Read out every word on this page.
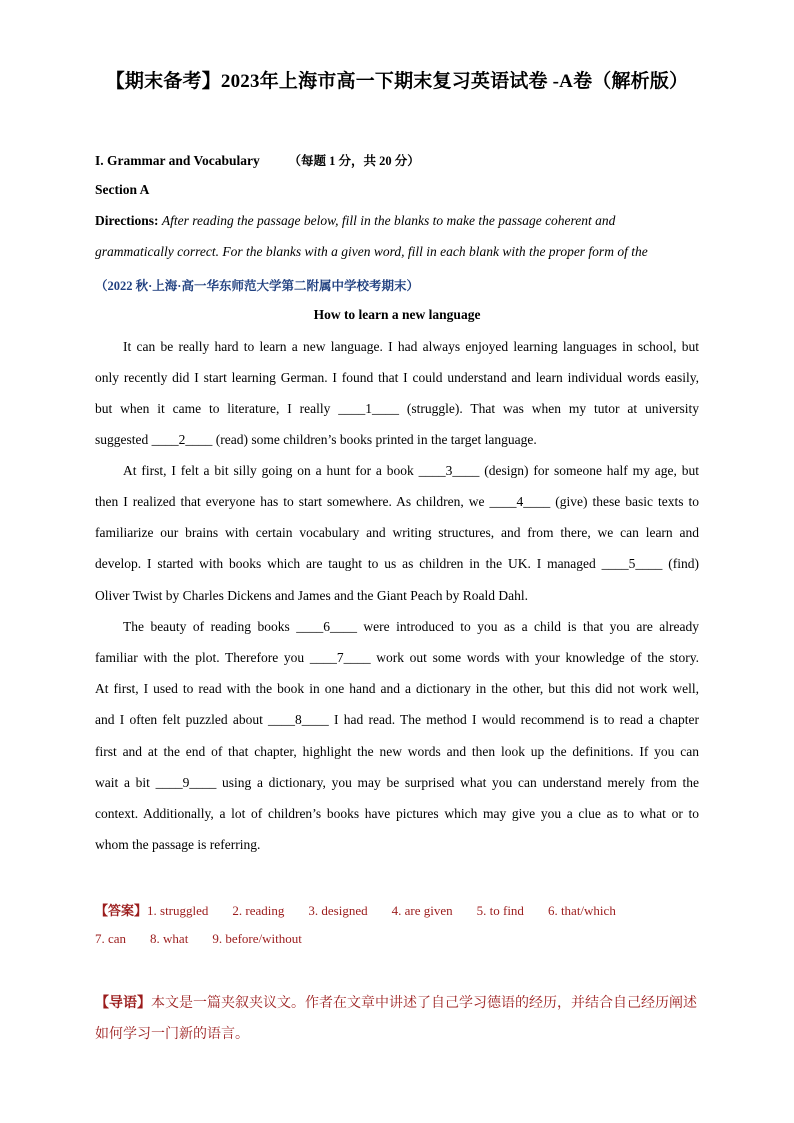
【期末备考】2023年上海市高一下期末复习英语试卷 -A卷（解析版）
I. Grammar and Vocabulary （每题 1 分，共 20 分）
Section A
Directions: After reading the passage below, fill in the blanks to make the passage coherent and
grammatically correct. For the blanks with a given word, fill in each blank with the proper form of the
（2022 秋·上海·高一华东师范大学第二附属中学校考期末）
How to learn a new language
It can be really hard to learn a new language. I had always enjoyed learning languages in school, but
only recently did I start learning German. I found that I could understand and learn individual words easily,
but when it came to literature, I really ____1____ (struggle). That was when my tutor at university
suggested ____2____ (read) some children’s books printed in the target language.
At first, I felt a bit silly going on a hunt for a book ____3____ (design) for someone half my age, but
then I realized that everyone has to start somewhere. As children, we ____4____ (give) these basic texts to
familiarize our brains with certain vocabulary and writing structures, and from there, we can learn and
develop. I started with books which are taught to us as children in the UK. I managed ____5____ (find)
Oliver Twist by Charles Dickens and James and the Giant Peach by Roald Dahl.
The beauty of reading books ____6____ were introduced to you as a child is that you are already
familiar with the plot. Therefore you ____7____ work out some words with your knowledge of the story.
At first, I used to read with the book in one hand and a dictionary in the other, but this did not work well,
and I often felt puzzled about ____8____ I had read. The method I would recommend is to read a chapter
first and at the end of that chapter, highlight the new words and then look up the definitions. If you can
wait a bit ____9____ using a dictionary, you may be surprised what you can understand merely from the
context. Additionally, a lot of children’s books have pictures which may give you a clue as to what or to
whom the passage is referring.
【答案】1. struggled 2. reading 3. designed 4. are given 5. to find 6. that/which
7. can 8. what 9. before/without
【导语】本文是一篇夹叙夹议文。作者在文章中讲述了自己学习德语的经历，并结合自己经历阐述
如何学习一门新的语言。
